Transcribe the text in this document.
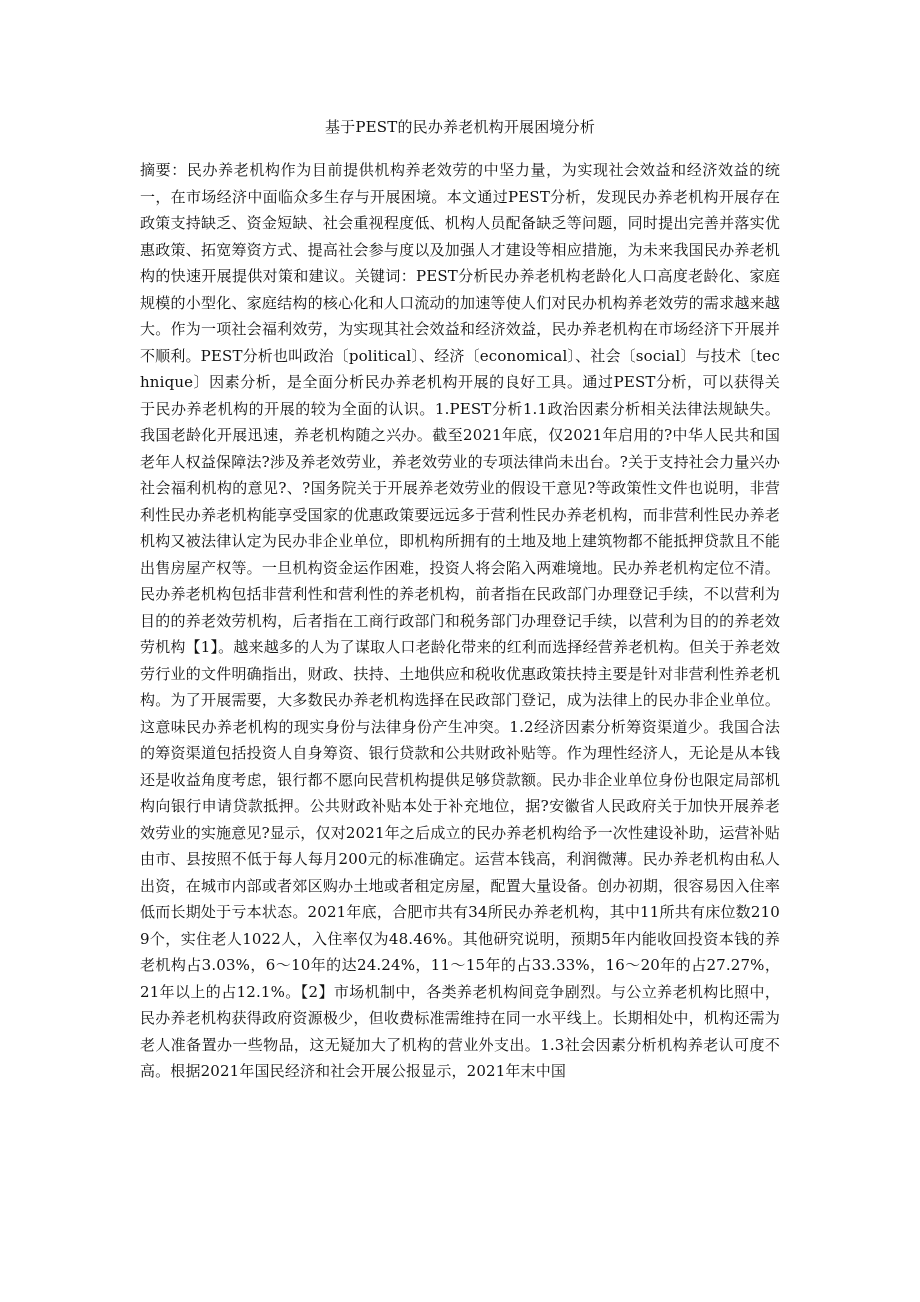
基于PEST的民办养老机构开展困境分析

摘要：民办养老机构作为目前提供机构养老效劳的中坚力量，为实现社会效益和经济效益的统一，在市场经济中面临众多生存与开展困境。本文通过PEST分析，发现民办养老机构开展存在政策支持缺乏、资金短缺、社会重视程度低、机构人员配备缺乏等问题，同时提出完善并落实优惠政策、拓宽筹资方式、提高社会参与度以及加强人才建设等相应措施，为未来我国民办养老机构的快速开展提供对策和建议。关键词：PEST分析民办养老机构老龄化人口高度老龄化、家庭规模的小型化、家庭结构的核心化和人口流动的加速等使人们对民办机构养老效劳的需求越来越大。作为一项社会福利效劳，为实现其社会效益和经济效益，民办养老机构在市场经济下开展并不顺利。PEST分析也叫政治〔political〕、经济〔economical〕、社会〔social〕与技术〔technique〕因素分析，是全面分析民办养老机构开展的良好工具。通过PEST分析，可以获得关于民办养老机构的开展的较为全面的认识。1.PEST分析1.1政治因素分析相关法律法规缺失。我国老龄化开展迅速，养老机构随之兴办。截至2021年底，仅2021年启用的?中华人民共和国老年人权益保障法?涉及养老效劳业，养老效劳业的专项法律尚未出台。?关于支持社会力量兴办社会福利机构的意见?、?国务院关于开展养老效劳业的假设干意见?等政策性文件也说明，非营利性民办养老机构能享受国家的优惠政策要远远多于营利性民办养老机构，而非营利性民办养老机构又被法律认定为民办非企业单位，即机构所拥有的土地及地上建筑物都不能抵押贷款且不能出售房屋产权等。一旦机构资金运作困难，投资人将会陷入两难境地。民办养老机构定位不清。民办养老机构包括非营利性和营利性的养老机构，前者指在民政部门办理登记手续，不以营利为目的的养老效劳机构，后者指在工商行政部门和税务部门办理登记手续，以营利为目的的养老效劳机构【1】。越来越多的人为了谋取人口老龄化带来的红利而选择经营养老机构。但关于养老效劳行业的文件明确指出，财政、扶持、土地供应和税收优惠政策扶持主要是针对非营利性养老机构。为了开展需要，大多数民办养老机构选择在民政部门登记，成为法律上的民办非企业单位。这意味民办养老机构的现实身份与法律身份产生冲突。1.2经济因素分析筹资渠道少。我国合法的筹资渠道包括投资人自身筹资、银行贷款和公共财政补贴等。作为理性经济人，无论是从本钱还是收益角度考虑，银行都不愿向民营机构提供足够贷款额。民办非企业单位身份也限定局部机构向银行申请贷款抵押。公共财政补贴本处于补充地位，据?安徽省人民政府关于加快开展养老效劳业的实施意见?显示，仅对2021年之后成立的民办养老机构给予一次性建设补助，运营补贴由市、县按照不低于每人每月200元的标准确定。运营本钱高，利润微薄。民办养老机构由私人出资，在城市内部或者郊区购办土地或者租定房屋，配置大量设备。创办初期，很容易因入住率低而长期处于亏本状态。2021年底，合肥市共有34所民办养老机构，其中11所共有床位数2109个，实住老人1022人，入住率仅为48.46%。其他研究说明，预期5年内能收回投资本钱的养老机构占3.03%，6～10年的达24.24%，11～15年的占33.33%，16～20年的占27.27%，21年以上的占12.1%。【2】市场机制中，各类养老机构间竞争剧烈。与公立养老机构比照中，民办养老机构获得政府资源极少，但收费标准需维持在同一水平线上。长期相处中，机构还需为老人准备置办一些物品，这无疑加大了机构的营业外支出。1.3社会因素分析机构养老认可度不高。根据2021年国民经济和社会开展公报显示，2021年末中国
